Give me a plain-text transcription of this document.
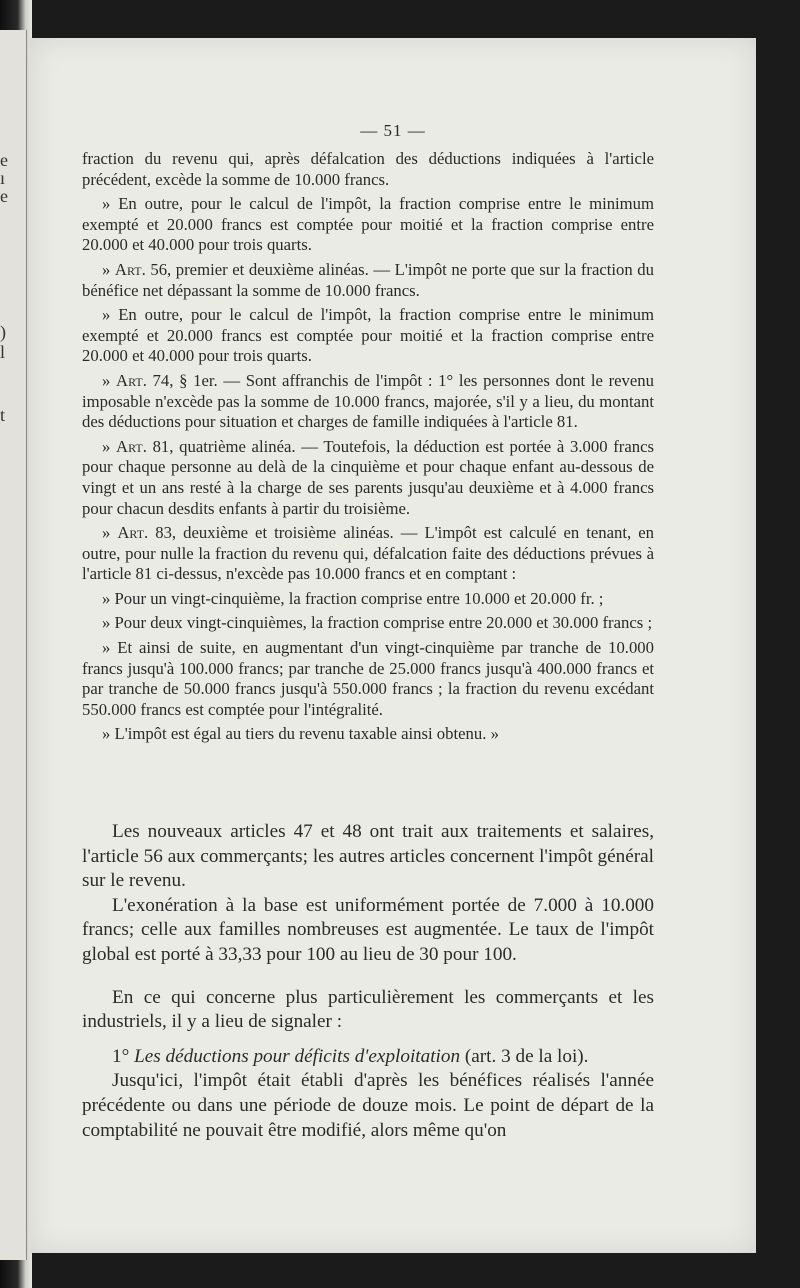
e
ı
e
)
l
t
— 51 —

fraction du revenu qui, après défalcation des déductions indiquées à l'article précédent, excède la somme de 10.000 francs.

» En outre, pour le calcul de l'impôt, la fraction comprise entre le minimum exempté et 20.000 francs est comptée pour moitié et la fraction comprise entre 20.000 et 40.000 pour trois quarts.

» Art. 56, premier et deuxième alinéas. — L'impôt ne porte que sur la fraction du bénéfice net dépassant la somme de 10.000 francs.

» En outre, pour le calcul de l'impôt, la fraction comprise entre le minimum exempté et 20.000 francs est comptée pour moitié et la fraction comprise entre 20.000 et 40.000 pour trois quarts.

» Art. 74, § 1er. — Sont affranchis de l'impôt : 1° les personnes dont le revenu imposable n'excède pas la somme de 10.000 francs, majorée, s'il y a lieu, du montant des déductions pour situation et charges de famille indiquées à l'article 81.

» Art. 81, quatrième alinéa. — Toutefois, la déduction est portée à 3.000 francs pour chaque personne au delà de la cinquième et pour chaque enfant au-dessous de vingt et un ans resté à la charge de ses parents jusqu'au deuxième et à 4.000 francs pour chacun desdits enfants à partir du troisième.

» Art. 83, deuxième et troisième alinéas. — L'impôt est calculé en tenant, en outre, pour nulle la fraction du revenu qui, défalcation faite des déductions prévues à l'article 81 ci-dessus, n'excède pas 10.000 francs et en comptant :

» Pour un vingt-cinquième, la fraction comprise entre 10.000 et 20.000 fr. ;

» Pour deux vingt-cinquièmes, la fraction comprise entre 20.000 et 30.000 francs ;

» Et ainsi de suite, en augmentant d'un vingt-cinquième par tranche de 10.000 francs jusqu'à 100.000 francs; par tranche de 25.000 francs jusqu'à 400.000 francs et par tranche de 50.000 francs jusqu'à 550.000 francs ; la fraction du revenu excédant 550.000 francs est comptée pour l'intégralité.

» L'impôt est égal au tiers du revenu taxable ainsi obtenu. »

Les nouveaux articles 47 et 48 ont trait aux traitements et salaires, l'article 56 aux commerçants; les autres articles concernent l'impôt général sur le revenu.

L'exonération à la base est uniformément portée de 7.000 à 10.000 francs; celle aux familles nombreuses est augmentée. Le taux de l'impôt global est porté à 33,33 pour 100 au lieu de 30 pour 100.

En ce qui concerne plus particulièrement les commerçants et les industriels, il y a lieu de signaler :

1° Les déductions pour déficits d'exploitation (art. 3 de la loi).

Jusqu'ici, l'impôt était établi d'après les bénéfices réalisés l'année précédente ou dans une période de douze mois. Le point de départ de la comptabilité ne pouvait être modifié, alors même qu'on
